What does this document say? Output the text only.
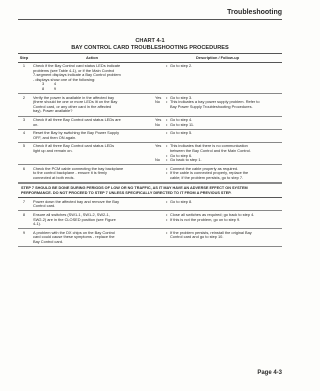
Troubleshooting
CHART 4-1
BAY CONTROL CARD TROUBLESHOOTING PROCEDURES
Step	Action	Description / Follow-up
1	Check if the Bay Control card status LEDs indicate
problems (see Table 4-1), or if the Main Control
7-segment displays indicate a Bay Control problem
- displays show one of the following:
3 4
8 9
• Go to step 2.
2	Verify the power is available in the affected bay
(there should be one or more LEDs lit on the Bay
Control card, or any other card in the affected
bay). Power available?
Yes	• Go to step 3.
No	• This indicates a bay power supply problem. Refer to
Bay Power Supply Troubleshooting Procedures.
3	Check if all three Bay Control card status LEDs are
on.
Yes	• Go to step 4.
No	• Go to step 11.
4	Reset the Bay by switching the Bay Power Supply
OFF, and then ON again.
• Go to step 5.
5	Check if all three Bay Control card status LEDs
light up and remain on.
Yes	• This indicates that there is no communication
between the Bay Control and the Main Control.
• Go to step 6.
No	• Go back to step 1.
6	Check the PCM cable connecting the bay backplane
to the control backplane - ensure it is firmly
connected at both ends.
• Connect the cable properly as required.
• If the cable is connected properly, replace the
cable; if the problem persists, go to step 7.
STEP 7 SHOULD BE DONE DURING PERIODS OF LOW OR NO TRAFFIC, AS IT MAY HAVE AN ADVERSE EFFECT ON SYSTEM PERFORMANCE. DO NOT PROCEED TO STEP 7 UNLESS SPECIFICALLY DIRECTED TO IT FROM A PREVIOUS STEP.
7	Power down the affected bay and remove the Bay
Control card.
• Go to step 8.
8	Ensure all switches (SW1-1, SW1-2, SW2-1,
SW2-2) are in the CLOSED position (see Figure
4-1).
• Close all switches as required; go back to step 4.
• If this is not the problem, go on to step 9.
9	A problem with the DX chips on the Bay Control
card could cause these symptoms - replace the
Bay Control card.
• If the problem persists, reinstall the original Bay
Control card and go to step 10.
Page 4-3
